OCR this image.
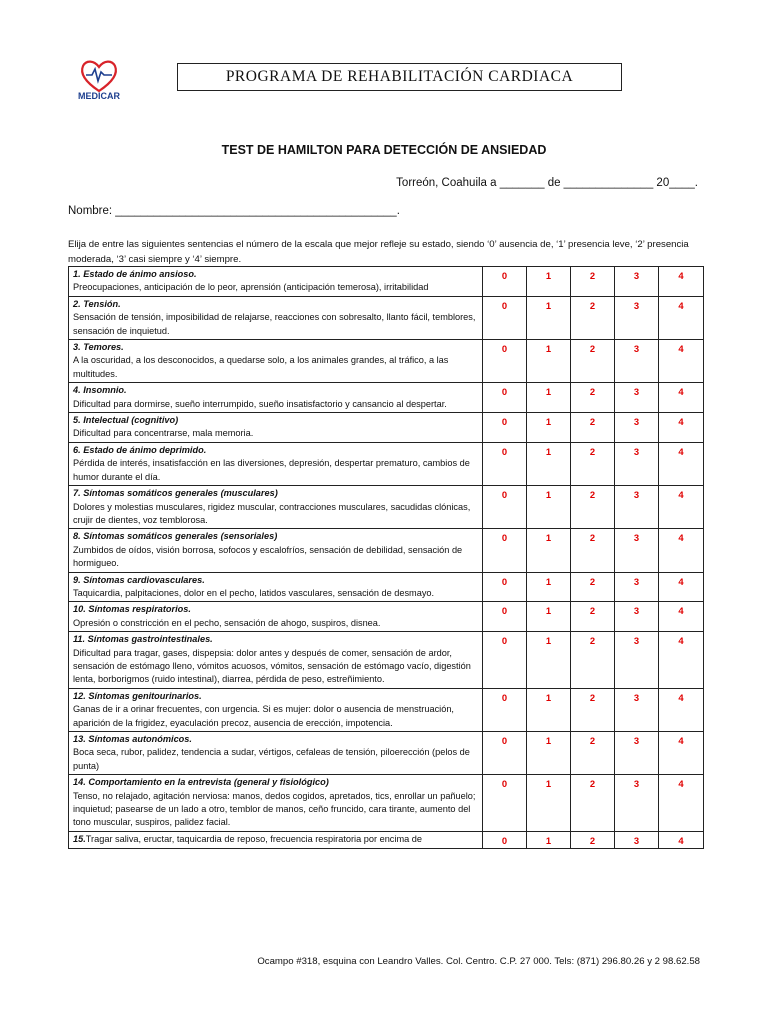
MEDICAR
PROGRAMA DE REHABILITACIÓN CARDIACA
TEST DE HAMILTON PARA DETECCIÓN DE ANSIEDAD
Torreón, Coahuila a _______ de ______________ 20____.
Nombre: ____________________________________________.
Elija de entre las siguientes sentencias el número de la escala que mejor refleje su estado, siendo ‘0’ ausencia de, ‘1’ presencia leve, ‘2’ presencia moderada, ‘3’ casi siempre y ‘4’ siempre.
1. Estado de ánimo ansioso.
Preocupaciones, anticipación de lo peor, aprensión (anticipación temerosa), irritabilidad	0	1	2	3	4
2. Tensión.
Sensación de tensión, imposibilidad de relajarse, reacciones con sobresalto, llanto fácil, temblores, sensación de inquietud.	0	1	2	3	4
3. Temores.
A la oscuridad, a los desconocidos, a quedarse solo, a los animales grandes, al tráfico, a las multitudes.	0	1	2	3	4
4. Insomnio.
Dificultad para dormirse, sueño interrumpido, sueño insatisfactorio y cansancio al despertar.	0	1	2	3	4
5. Intelectual (cognitivo)
Dificultad para concentrarse, mala memoria.	0	1	2	3	4
6. Estado de ánimo deprimido.
Pérdida de interés, insatisfacción en las diversiones, depresión, despertar prematuro, cambios de humor durante el día.	0	1	2	3	4
7. Síntomas somáticos generales (musculares)
Dolores y molestias musculares, rigidez muscular, contracciones musculares, sacudidas clónicas, crujir de dientes, voz temblorosa.	0	1	2	3	4
8. Síntomas somáticos generales (sensoriales)
Zumbidos de oídos, visión borrosa, sofocos y escalofríos, sensación de debilidad, sensación de hormigueo.	0	1	2	3	4
9. Síntomas cardiovasculares.
Taquicardia, palpitaciones, dolor en el pecho, latidos vasculares, sensación de desmayo.	0	1	2	3	4
10. Síntomas respiratorios.
Opresión o constricción en el pecho, sensación de ahogo, suspiros, disnea.	0	1	2	3	4
11. Síntomas gastrointestinales.
Dificultad para tragar, gases, dispepsia: dolor antes y después de comer, sensación de ardor, sensación de estómago lleno, vómitos acuosos, vómitos, sensación de estómago vacío, digestión lenta, borborigmos (ruido intestinal), diarrea, pérdida de peso, estreñimiento.	0	1	2	3	4
12. Síntomas genitourinarios.
Ganas de ir a orinar frecuentes, con urgencia. Si es mujer: dolor o ausencia de menstruación, aparición de la frigidez, eyaculación precoz, ausencia de erección, impotencia.	0	1	2	3	4
13. Síntomas autonómicos.
Boca seca, rubor, palidez, tendencia a sudar, vértigos, cefaleas de tensión, piloerección (pelos de punta)	0	1	2	3	4
14. Comportamiento en la entrevista (general y fisiológico)
Tenso, no relajado, agitación nerviosa: manos, dedos cogidos, apretados, tics, enrollar un pañuelo; inquietud; pasearse de un lado a otro, temblor de manos, ceño fruncido, cara tirante, aumento del tono muscular, suspiros, palidez facial.	0	1	2	3	4
15.Tragar saliva, eructar, taquicardia de reposo, frecuencia respiratoria por encima de	0	1	2	3	4
Ocampo #318, esquina con Leandro Valles. Col. Centro. C.P. 27 000. Tels: (871) 296.80.26 y 2 98.62.58
